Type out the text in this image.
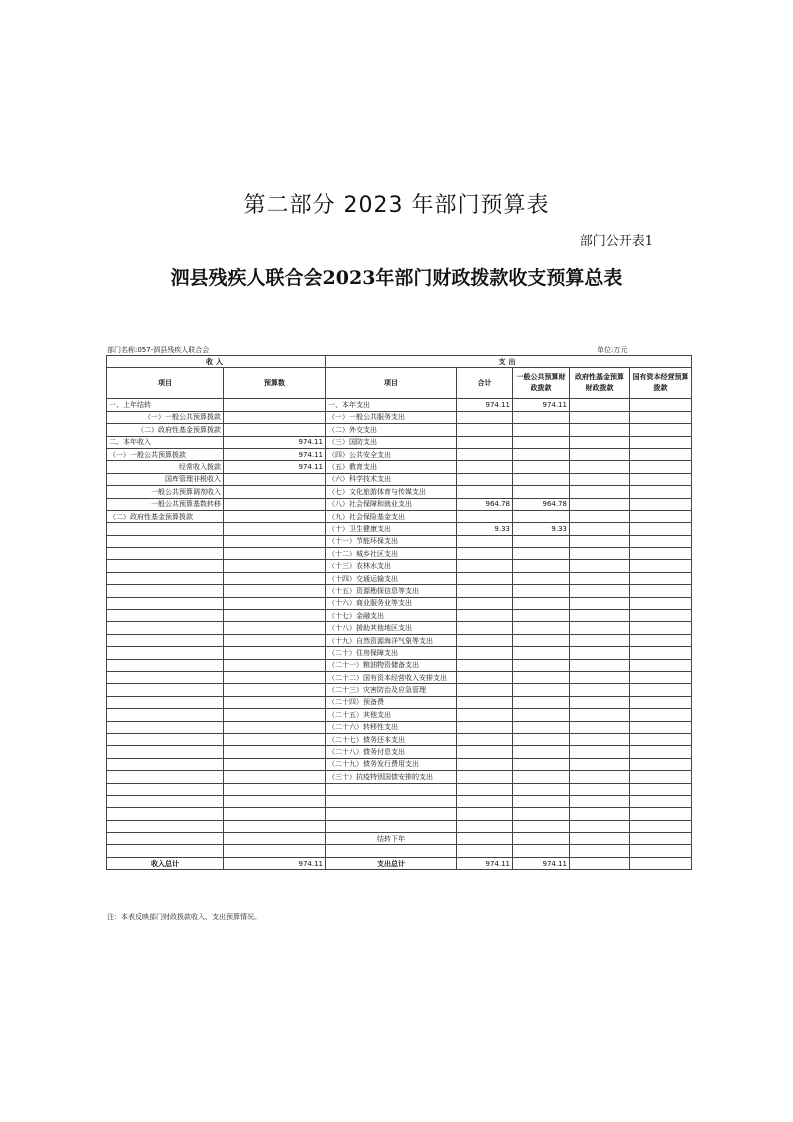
第二部分 2023 年部门预算表
部门公开表1
泗县残疾人联合会2023年部门财政拨款收支预算总表
部门名称:057-泗县残疾人联合会	单位:万元
收入		支出				
项目	预算数	项目	合计	一般公共预算财政拨款	政府性基金预算财政拨款	国有资本经营预算拨款
一、上年结转		一、本年支出	974.11	974.11		
（一）一般公共预算拨款		（一）一般公共服务支出				
（二）政府性基金预算拨款		（二）外交支出				
二、本年收入	974.11	（三）国防支出				
（一）一般公共预算拨款	974.11	（四）公共安全支出				
经常收入拨款	974.11	（五）教育支出				
国库管理非税收入		（六）科学技术支出				
一般公共预算调剂收入		（七）文化旅游体育与传媒支出				
一般公共预算基数转移		（八）社会保障和就业支出	964.78	964.78		
（二）政府性基金预算拨款		（九）社会保险基金支出				
		（十）卫生健康支出	9.33	9.33		
		（十一）节能环保支出				
		（十二）城乡社区支出				
		（十三）农林水支出				
		（十四）交通运输支出				
		（十五）资源勘探信息等支出				
		（十六）商业服务业等支出				
		（十七）金融支出				
		（十八）援助其他地区支出				
		（十九）自然资源海洋气象等支出				
		（二十）住房保障支出				
		（二十一）粮油物资储备支出				
		（二十二）国有资本经营收入安排支出				
		（二十三）灾害防治及应急管理				
		（二十四）预备费				
		（二十五）其他支出				
		（二十六）转移性支出				
		（二十七）债务还本支出				
		（二十八）债务付息支出				
		（二十九）债务发行费用支出				
		（三十）抗疫特别国债安排的支出				

		结转下年				

收入总计	974.11	支出总计	974.11	974.11		
注：本表反映部门财政拨款收入、支出预算情况。
